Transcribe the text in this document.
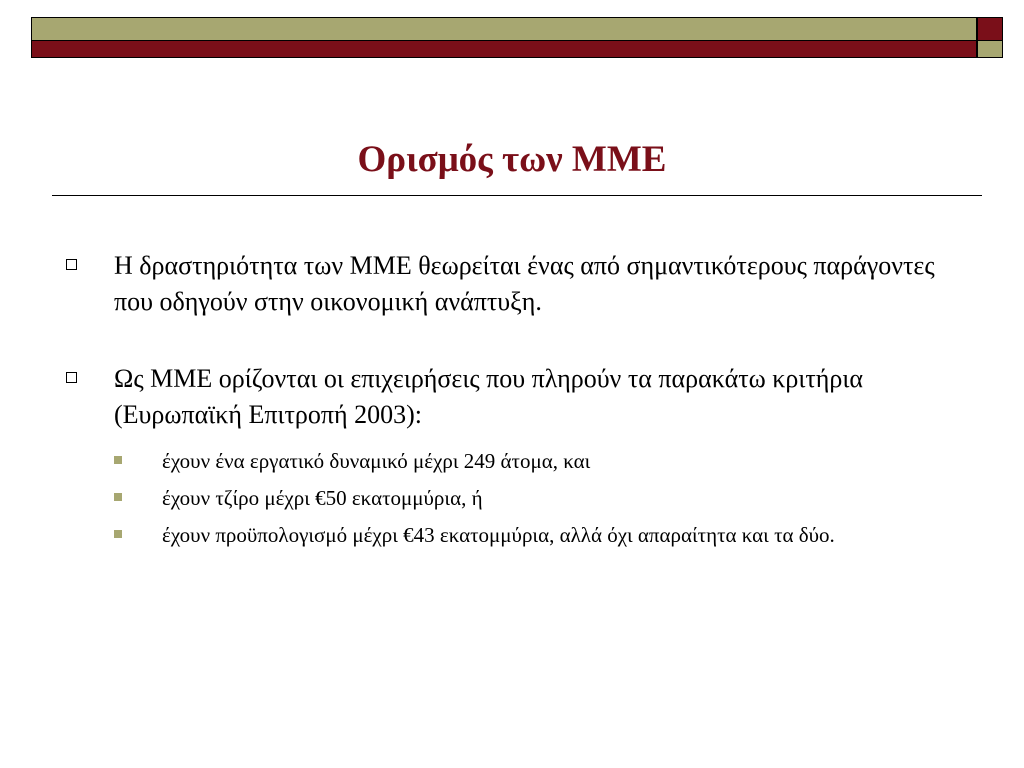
Ορισμός των ΜΜΕ
Η δραστηριότητα των ΜΜΕ θεωρείται ένας από σημαντικότερους παράγοντες που οδηγούν στην οικονομική ανάπτυξη.
Ως ΜΜΕ ορίζονται οι επιχειρήσεις που πληρούν τα παρακάτω κριτήρια (Ευρωπαϊκή Επιτροπή 2003):
έχουν ένα εργατικό δυναμικό μέχρι 249 άτομα, και
έχουν τζίρο μέχρι €50 εκατομμύρια, ή
έχουν προϋπολογισμό μέχρι €43 εκατομμύρια, αλλά όχι απαραίτητα και τα δύο.
